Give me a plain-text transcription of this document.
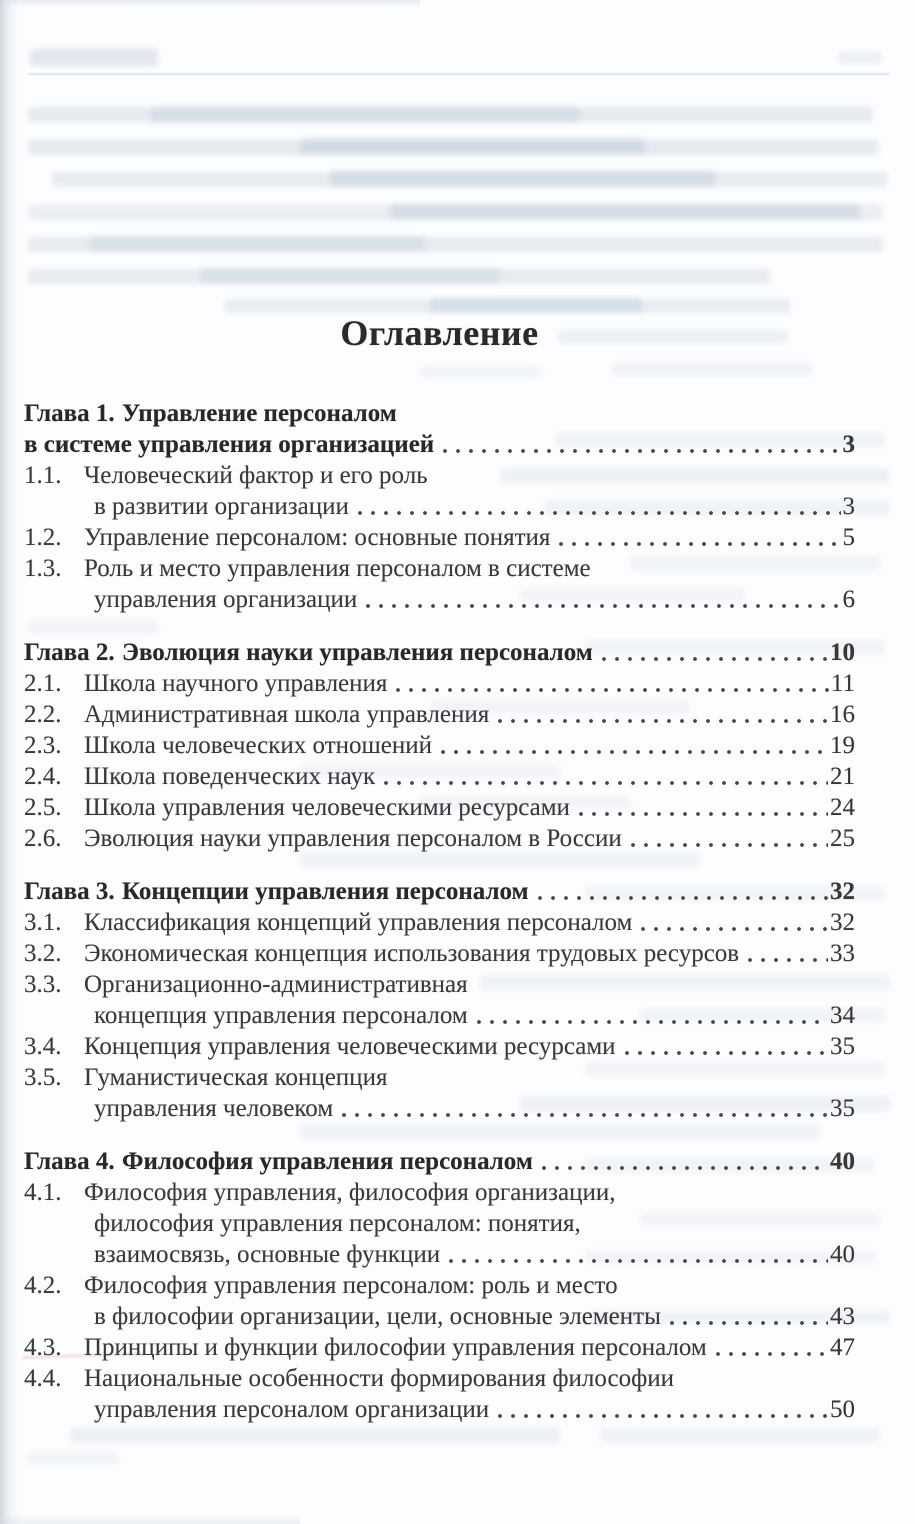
Оглавление
Глава 1. Управление персоналом
в системе управления организацией	3
1.1. Человеческий фактор и его роль
в развитии организации	3
1.2. Управление персоналом: основные понятия	5
1.3. Роль и место управления персоналом в системе
управления организации	6
Глава 2. Эволюция науки управления персоналом	10
2.1. Школа научного управления	11
2.2. Административная школа управления	16
2.3. Школа человеческих отношений	19
2.4. Школа поведенческих наук	21
2.5. Школа управления человеческими ресурсами	24
2.6. Эволюция науки управления персоналом в России	25
Глава 3. Концепции управления персоналом	32
3.1. Классификация концепций управления персоналом	32
3.2. Экономическая концепция использования трудовых ресурсов	33
3.3. Организационно-административная
концепция управления персоналом	34
3.4. Концепция управления человеческими ресурсами	35
3.5. Гуманистическая концепция
управления человеком	35
Глава 4. Философия управления персоналом	40
4.1. Философия управления, философия организации,
философия управления персоналом: понятия,
взаимосвязь, основные функции	40
4.2. Философия управления персоналом: роль и место
в философии организации, цели, основные элементы	43
4.3. Принципы и функции философии управления персоналом	47
4.4. Национальные особенности формирования философии
управления персоналом организации	50
